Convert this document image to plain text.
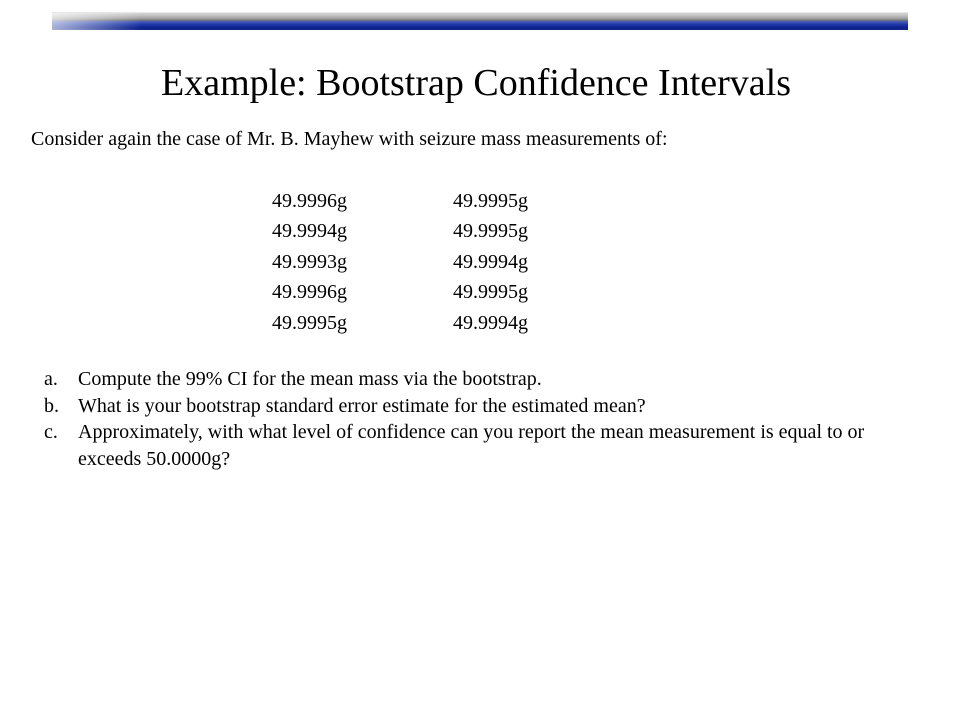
Example: Bootstrap Confidence Intervals

Consider again the case of Mr. B. Mayhew with seizure mass measurements of:

49.9996g	49.9995g
49.9994g	49.9995g
49.9993g	49.9994g
49.9996g	49.9995g
49.9995g	49.9994g
a.	Compute the 99% CI for the mean mass via the bootstrap.
b. What is your bootstrap standard error estimate for the estimated mean?
c.	Approximately, with what level of confidence can you report the mean measurement is equal to or exceeds 50.0000g?
